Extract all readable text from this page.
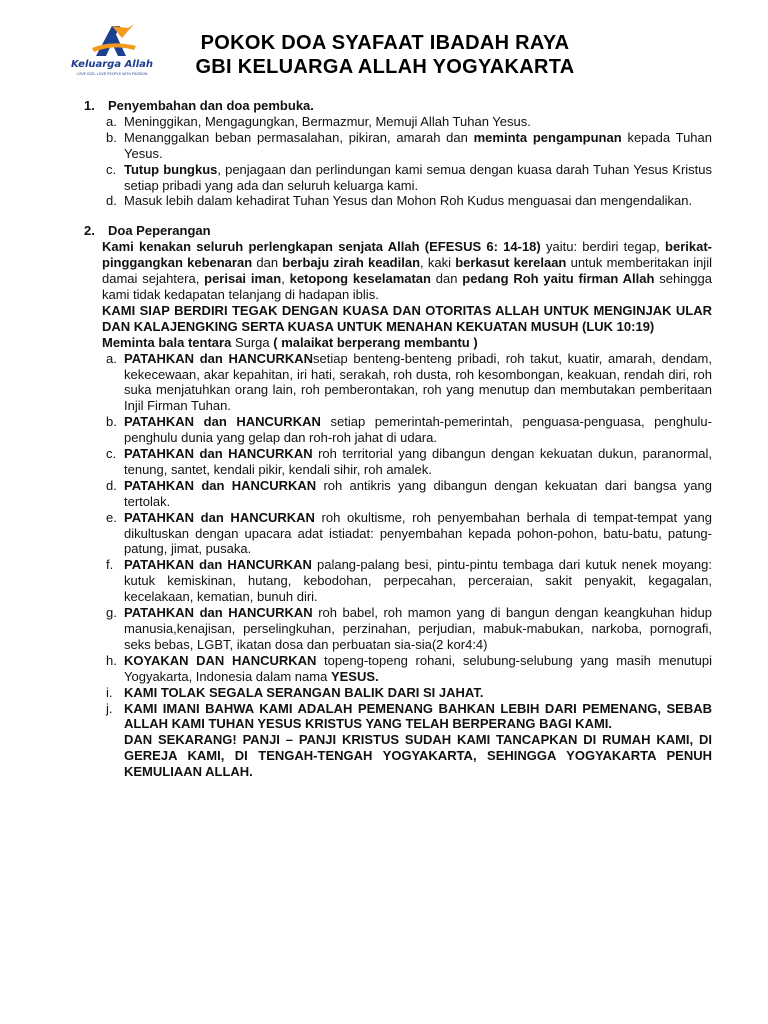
Keluarga Allah
LOVE GOD, LOVE PEOPLE WITH PASSION
POKOK DOA SYAFAAT IBADAH RAYA
GBI KELUARGA ALLAH YOGYAKARTA
1. Penyembahan dan doa pembuka.
a. Meninggikan, Mengagungkan, Bermazmur, Memuji Allah Tuhan Yesus.
b. Menanggalkan beban permasalahan, pikiran, amarah dan meminta pengampunan kepada Tuhan Yesus.
c. Tutup bungkus, penjagaan dan perlindungan kami semua dengan kuasa darah Tuhan Yesus Kristus setiap pribadi yang ada dan seluruh keluarga kami.
d. Masuk lebih dalam kehadirat Tuhan Yesus dan Mohon Roh Kudus menguasai dan mengendalikan.
2. Doa Peperangan
Kami kenakan seluruh perlengkapan senjata Allah (EFESUS 6: 14-18) yaitu: berdiri tegap, berikat-pinggangkan kebenaran dan berbaju zirah keadilan, kaki berkasut kerelaan untuk memberitakan injil damai sejahtera, perisai iman, ketopong keselamatan dan pedang Roh yaitu firman Allah sehingga kami tidak kedapatan telanjang di hadapan iblis.
KAMI SIAP BERDIRI TEGAK DENGAN KUASA DAN OTORITAS ALLAH UNTUK MENGINJAK ULAR DAN KALAJENGKING SERTA KUASA UNTUK MENAHAN KEKUATAN MUSUH (LUK 10:19)
Meminta bala tentara Surga ( malaikat berperang membantu )
a. PATAHKAN dan HANCURKANsetiap benteng-benteng pribadi, roh takut, kuatir, amarah, dendam, kekecewaan, akar kepahitan, iri hati, serakah, roh dusta, roh kesombongan, keakuan, rendah diri, roh suka menjatuhkan orang lain, roh pemberontakan, roh yang menutup dan membutakan pemberitaan Injil Firman Tuhan.
b. PATAHKAN dan HANCURKAN setiap pemerintah-pemerintah, penguasa-penguasa, penghulu-penghulu dunia yang gelap dan roh-roh jahat di udara.
c. PATAHKAN dan HANCURKAN roh territorial yang dibangun dengan kekuatan dukun, paranormal, tenung, santet, kendali pikir, kendali sihir, roh amalek.
d. PATAHKAN dan HANCURKAN roh antikris yang dibangun dengan kekuatan dari bangsa yang tertolak.
e. PATAHKAN dan HANCURKAN roh okultisme, roh penyembahan berhala di tempat-tempat yang dikultuskan dengan upacara adat istiadat: penyembahan kepada pohon-pohon, batu-batu, patung-patung, jimat, pusaka.
f. PATAHKAN dan HANCURKAN palang-palang besi, pintu-pintu tembaga dari kutuk nenek moyang: kutuk kemiskinan, hutang, kebodohan, perpecahan, perceraian, sakit penyakit, kegagalan, kecelakaan, kematian, bunuh diri.
g. PATAHKAN dan HANCURKAN roh babel, roh mamon yang di bangun dengan keangkuhan hidup manusia,kenajisan, perselingkuhan, perzinahan, perjudian, mabuk-mabukan, narkoba, pornografi, seks bebas, LGBT, ikatan dosa dan perbuatan sia-sia(2 kor4:4)
h. KOYAKAN DAN HANCURKAN topeng-topeng rohani, selubung-selubung yang masih menutupi Yogyakarta, Indonesia dalam nama YESUS.
i. KAMI TOLAK SEGALA SERANGAN BALIK DARI SI JAHAT.
j. KAMI IMANI BAHWA KAMI ADALAH PEMENANG BAHKAN LEBIH DARI PEMENANG, SEBAB ALLAH KAMI TUHAN YESUS KRISTUS YANG TELAH BERPERANG BAGI KAMI.
DAN SEKARANG! PANJI – PANJI KRISTUS SUDAH KAMI TANCAPKAN DI RUMAH KAMI, DI GEREJA KAMI, DI TENGAH-TENGAH YOGYAKARTA, SEHINGGA YOGYAKARTA PENUH KEMULIAAN ALLAH.
